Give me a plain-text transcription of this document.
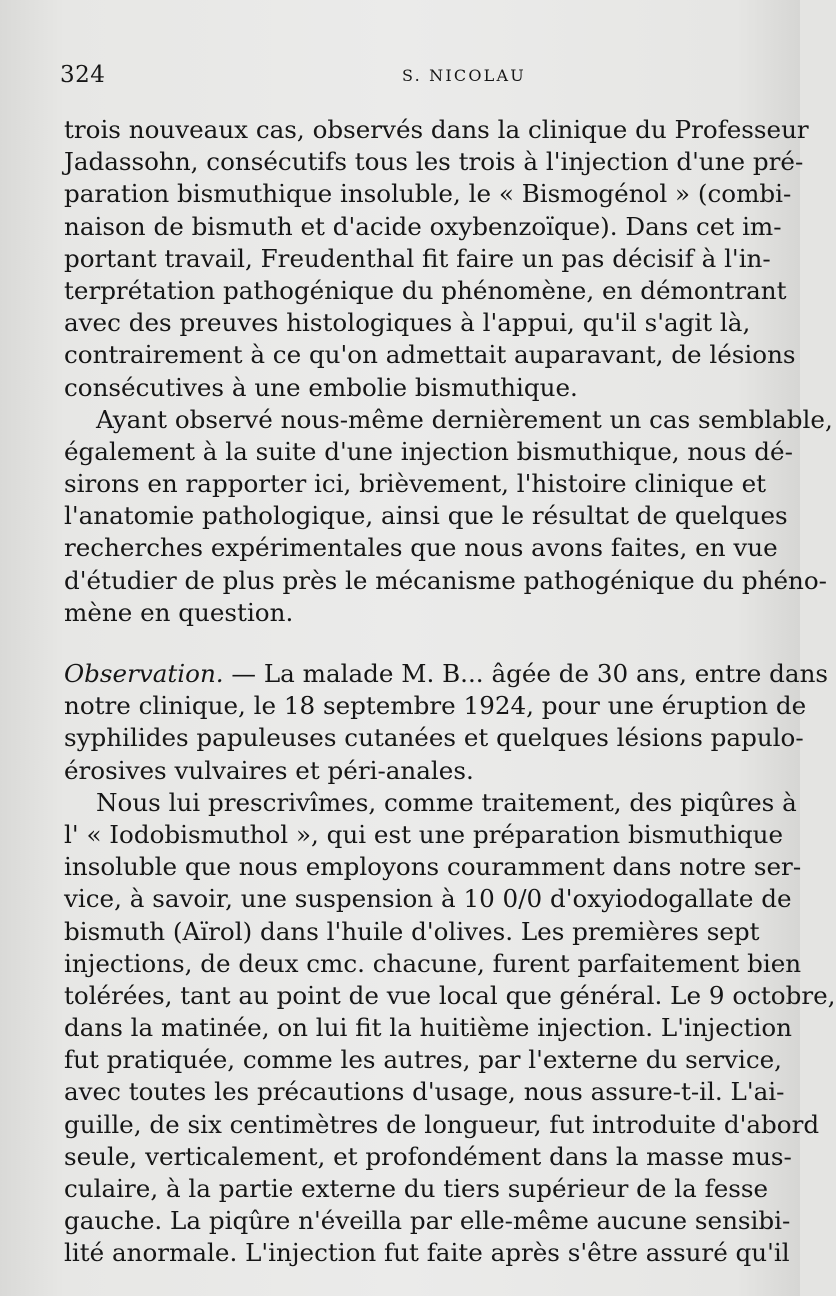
324	S. NICOLAU
trois nouveaux cas, observés dans la clinique du Professeur
Jadassohn, consécutifs tous les trois à l'injection d'une pré-
paration bismuthique insoluble, le « Bismogénol » (combi-
naison de bismuth et d'acide oxybenzoïque). Dans cet im-
portant travail, Freudenthal fit faire un pas décisif à l'in-
terprétation pathogénique du phénomène, en démontrant
avec des preuves histologiques à l'appui, qu'il s'agit là,
contrairement à ce qu'on admettait auparavant, de lésions
consécutives à une embolie bismuthique.
Ayant observé nous-même dernièrement un cas semblable,
également à la suite d'une injection bismuthique, nous dé-
sirons en rapporter ici, brièvement, l'histoire clinique et
l'anatomie pathologique, ainsi que le résultat de quelques
recherches expérimentales que nous avons faites, en vue
d'étudier de plus près le mécanisme pathogénique du phéno-
mène en question.
Observation. — La malade M. B... âgée de 30 ans, entre dans
notre clinique, le 18 septembre 1924, pour une éruption de
syphilides papuleuses cutanées et quelques lésions papulo-
érosives vulvaires et péri-anales.
Nous lui prescrivîmes, comme traitement, des piqûres à
l' « Iodobismuthol », qui est une préparation bismuthique
insoluble que nous employons couramment dans notre ser-
vice, à savoir, une suspension à 10 0/0 d'oxyiodogallate de
bismuth (Aïrol) dans l'huile d'olives. Les premières sept
injections, de deux cmc. chacune, furent parfaitement bien
tolérées, tant au point de vue local que général. Le 9 octobre,
dans la matinée, on lui fit la huitième injection. L'injection
fut pratiquée, comme les autres, par l'externe du service,
avec toutes les précautions d'usage, nous assure-t-il. L'ai-
guille, de six centimètres de longueur, fut introduite d'abord
seule, verticalement, et profondément dans la masse mus-
culaire, à la partie externe du tiers supérieur de la fesse
gauche. La piqûre n'éveilla par elle-même aucune sensibi-
lité anormale. L'injection fut faite après s'être assuré qu'il
